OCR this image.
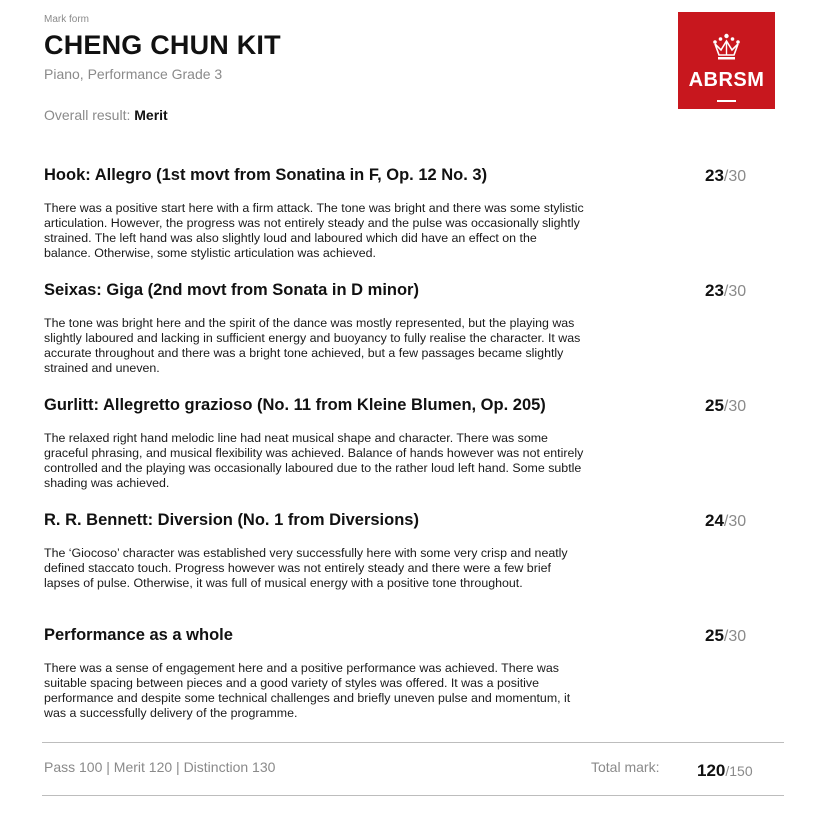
Mark form
CHENG CHUN KIT
Piano, Performance Grade 3
Overall result: Merit
ABRSM
Hook: Allegro (1st movt from Sonatina in F, Op. 12 No. 3)	23/30

There was a positive start here with a firm attack. The tone was bright and there was some stylistic articulation. However, the progress was not entirely steady and the pulse was occasionally slightly strained. The left hand was also slightly loud and laboured which did have an effect on the balance. Otherwise, some stylistic articulation was achieved.

Seixas: Giga (2nd movt from Sonata in D minor)	23/30

The tone was bright here and the spirit of the dance was mostly represented, but the playing was slightly laboured and lacking in sufficient energy and buoyancy to fully realise the character. It was accurate throughout and there was a bright tone achieved, but a few passages became slightly strained and uneven.

Gurlitt: Allegretto grazioso (No. 11 from Kleine Blumen, Op. 205)	25/30

The relaxed right hand melodic line had neat musical shape and character. There was some graceful phrasing, and musical flexibility was achieved. Balance of hands however was not entirely controlled and the playing was occasionally laboured due to the rather loud left hand. Some subtle shading was achieved.

R. R. Bennett: Diversion (No. 1 from Diversions)	24/30

The ‘Giocoso’ character was established very successfully here with some very crisp and neatly defined staccato touch. Progress however was not entirely steady and there were a few brief lapses of pulse. Otherwise, it was full of musical energy with a positive tone throughout.

Performance as a whole	25/30

There was a sense of engagement here and a positive performance was achieved. There was suitable spacing between pieces and a good variety of styles was offered. It was a positive performance and despite some technical challenges and briefly uneven pulse and momentum, it was a successfully delivery of the programme.

Pass 100 | Merit 120 | Distinction 130	Total mark: 120/150
